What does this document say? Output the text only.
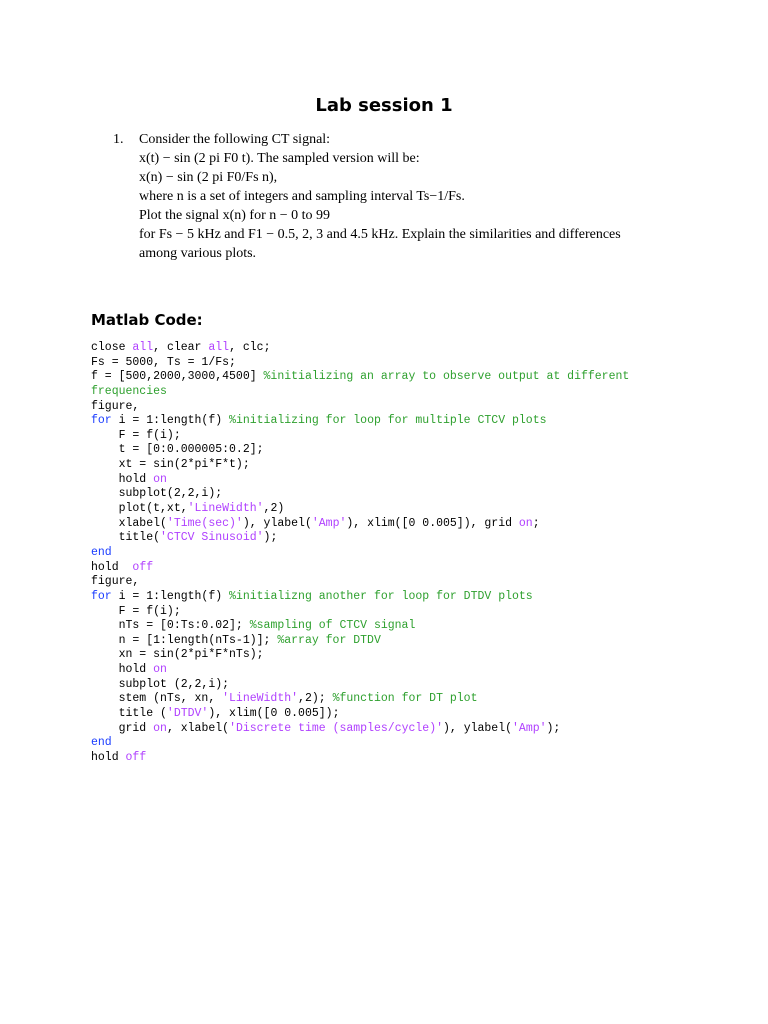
Lab session 1
1. Consider the following CT signal:
x(t) − sin (2 pi F0 t). The sampled version will be:
x(n) − sin (2 pi F0/Fs n),
where n is a set of integers and sampling interval Ts−1/Fs.
Plot the signal x(n) for n − 0 to 99
for Fs − 5 kHz and F1 − 0.5, 2, 3 and 4.5 kHz. Explain the similarities and differences
among various plots.
Matlab Code:
close all, clear all, clc;
Fs = 5000, Ts = 1/Fs;
f = [500,2000,3000,4500] %initializing an array to observe output at different
frequencies
figure,
for i = 1:length(f) %initializing for loop for multiple CTCV plots
F = f(i);
t = [0:0.000005:0.2];
xt = sin(2*pi*F*t);
hold on
subplot(2,2,i);
plot(t,xt,'LineWidth',2)
xlabel('Time(sec)'), ylabel('Amp'), xlim([0 0.005]), grid on;
title('CTCV Sinusoid');
end
hold  off
figure,
for i = 1:length(f) %initializng another for loop for DTDV plots
F = f(i);
nTs = [0:Ts:0.02]; %sampling of CTCV signal
n = [1:length(nTs-1)]; %array for DTDV
xn = sin(2*pi*F*nTs);
hold on
subplot (2,2,i);
stem (nTs, xn, 'LineWidth',2); %function for DT plot
title ('DTDV'), xlim([0 0.005]);
grid on, xlabel('Discrete time (samples/cycle)'), ylabel('Amp');
end
hold off
